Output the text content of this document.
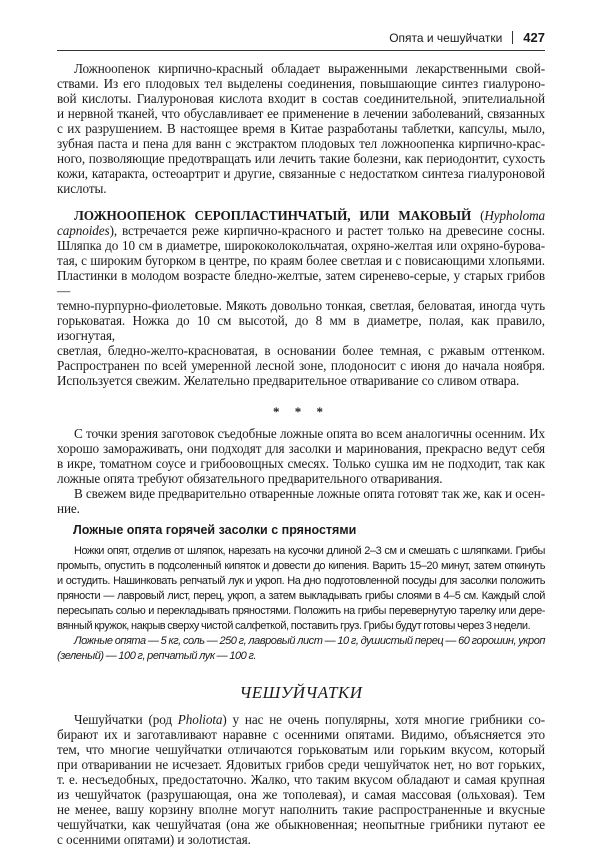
Опята и чешуйчатки 427
Ложноопенок кирпично-красный обладает выраженными лекарственными свой-
ствами. Из его плодовых тел выделены соединения, повышающие синтез гиалуроно-
вой кислоты. Гиалуроновая кислота входит в состав соединительной, эпителиальной
и нервной тканей, что обуславливает ее применение в лечении заболеваний, связанных
с их разрушением. В настоящее время в Китае разработаны таблетки, капсулы, мыло,
зубная паста и пена для ванн с экстрактом плодовых тел ложноопенка кирпично-крас-
ного, позволяющие предотвращать или лечить такие болезни, как периодонтит, сухость
кожи, катаракта, остеоартрит и другие, связанные с недостатком синтеза гиалуроновой
кислоты.
ЛОЖНООПЕНОК СЕРОПЛАСТИНЧАТЫЙ, ИЛИ МАКОВЫЙ (Hypholoma
capnoides), встречается реже кирпично-красного и растет только на древесине сосны.
Шляпка до 10 см в диаметре, ширококолокольчатая, охряно-желтая или охряно-бурова-
тая, с широким бугорком в центре, по краям более светлая и с повисающими хлопьями.
Пластинки в молодом возрасте бледно-желтые, затем сиренево-серые, у старых грибов —
темно-пурпурно-фиолетовые. Мякоть довольно тонкая, светлая, беловатая, иногда чуть
горьковатая. Ножка до 10 см высотой, до 8 мм в диаметре, полая, как правило, изогнутая,
светлая, бледно-желто-красноватая, в основании более темная, с ржавым оттенком.
Распространен по всей умеренной лесной зоне, плодоносит с июня до начала ноября.
Используется свежим. Желательно предварительное отваривание со сливом отвара.
* * *
С точки зрения заготовок съедобные ложные опята во всем аналогичны осенним. Их
хорошо замораживать, они подходят для засолки и маринования, прекрасно ведут себя
в икре, томатном соусе и грибоовощных смесях. Только сушка им не подходит, так как
ложные опята требуют обязательного предварительного отваривания.
В свежем виде предварительно отваренные ложные опята готовят так же, как и осен-
ние.
Ложные опята горячей засолки с пряностями
Ножки опят, отделив от шляпок, нарезать на кусочки длиной 2–3 см и смешать с шляпками. Грибы
промыть, опустить в подсоленный кипяток и довести до кипения. Варить 15–20 минут, затем откинуть
и остудить. Нашинковать репчатый лук и укроп. На дно подготовленной посуды для засолки положить
пряности — лавровый лист, перец, укроп, а затем выкладывать грибы слоями в 4–5 см. Каждый слой
пересыпать солью и перекладывать пряностями. Положить на грибы перевернутую тарелку или дере-
вянный кружок, накрыв сверху чистой салфеткой, поставить груз. Грибы будут готовы через 3 недели.
Ложные опята — 5 кг, соль — 250 г, лавровый лист — 10 г, душистый перец — 60 горошин, укроп
(зеленый) — 100 г, репчатый лук — 100 г.
ЧЕШУЙЧАТКИ
Чешуйчатки (род Pholiota) у нас не очень популярны, хотя многие грибники со-
бирают их и заготавливают наравне с осенними опятами. Видимо, объясняется это
тем, что многие чешуйчатки отличаются горьковатым или горьким вкусом, который
при отваривании не исчезает. Ядовитых грибов среди чешуйчаток нет, но вот горьких,
т. е. несъедобных, предостаточно. Жалко, что таким вкусом обладают и самая крупная
из чешуйчаток (разрушающая, она же тополевая), и самая массовая (ольховая). Тем
не менее, вашу корзину вполне могут наполнить такие распространенные и вкусные
чешуйчатки, как чешуйчатая (она же обыкновенная; неопытные грибники путают ее
с осенними опятами) и золотистая.
